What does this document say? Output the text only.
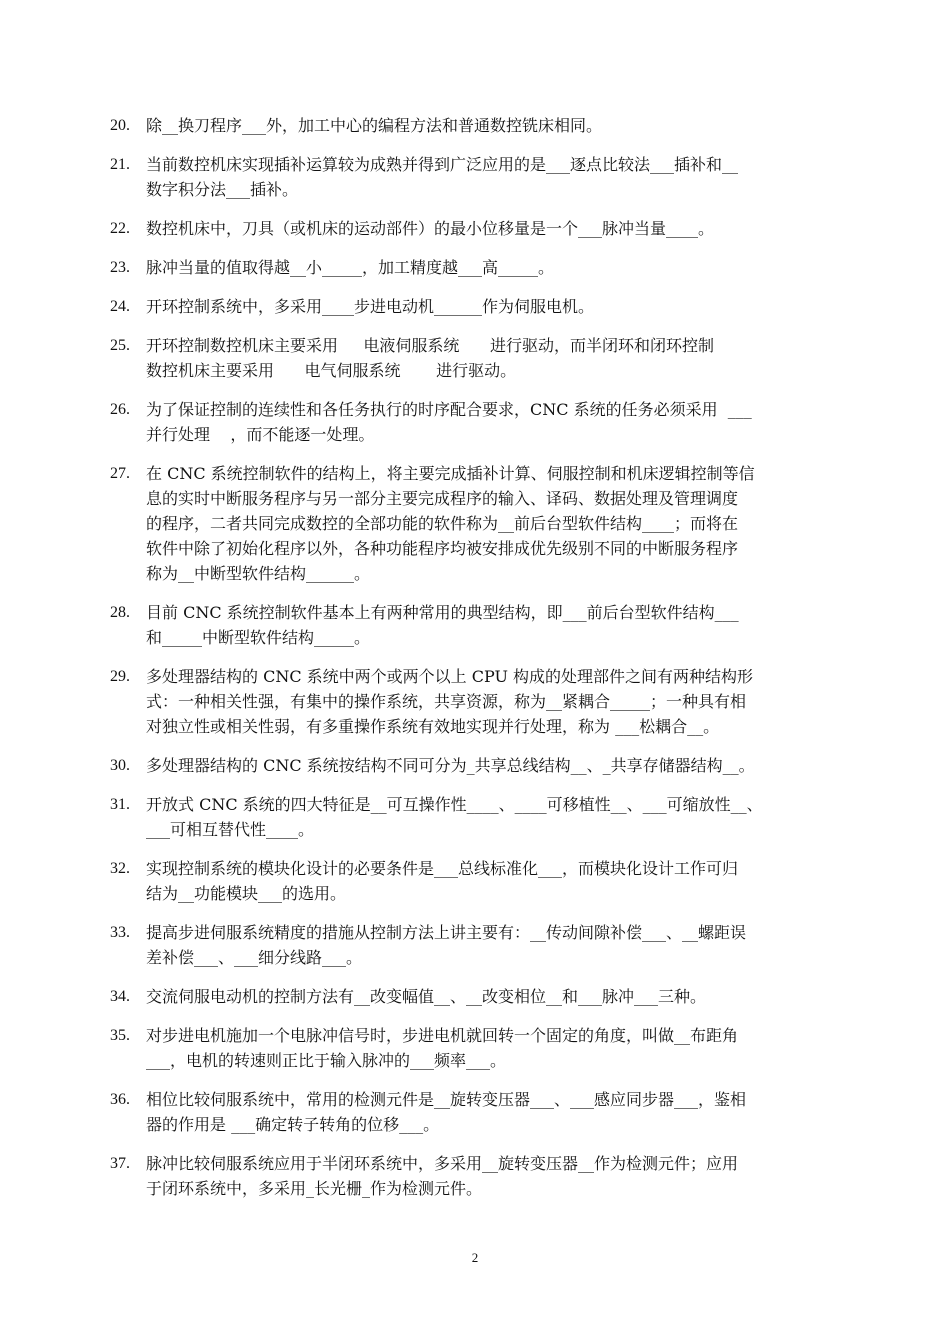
20.	除__换刀程序___外，加工中心的编程方法和普通数控铣床相同。
21.	当前数控机床实现插补运算较为成熟并得到广泛应用的是___逐点比较法___插补和__
数字积分法___插补。
22.	数控机床中，刀具（或机床的运动部件）的最小位移量是一个___脉冲当量____。
23.	脉冲当量的值取得越__小_____，加工精度越___高_____。
24.	开环控制系统中，多采用____步进电动机______作为伺服电机。
25.	开环控制数控机床主要采用     电液伺服系统      进行驱动，而半闭环和闭环控制
数控机床主要采用      电气伺服系统       进行驱动。
26.	为了保证控制的连续性和各任务执行的时序配合要求，CNC 系统的任务必须采用  ___
并行处理    ，而不能逐一处理。
27.	在 CNC 系统控制软件的结构上，将主要完成插补计算、伺服控制和机床逻辑控制等信
息的实时中断服务程序与另一部分主要完成程序的输入、译码、数据处理及管理调度
的程序，二者共同完成数控的全部功能的软件称为__前后台型软件结构____；而将在
软件中除了初始化程序以外，各种功能程序均被安排成优先级别不同的中断服务程序
称为__中断型软件结构______。
28.	目前 CNC 系统控制软件基本上有两种常用的典型结构，即___前后台型软件结构___
和_____中断型软件结构_____。
29.	多处理器结构的 CNC 系统中两个或两个以上 CPU 构成的处理部件之间有两种结构形
式：一种相关性强，有集中的操作系统，共享资源，称为__紧耦合_____；一种具有相
对独立性或相关性弱，有多重操作系统有效地实现并行处理，称为 ___松耦合__。
30.	多处理器结构的 CNC 系统按结构不同可分为_共享总线结构__、_共享存储器结构__。
31.	开放式 CNC 系统的四大特征是__可互操作性____、____可移植性__、___可缩放性__、
___可相互替代性____。
32.	实现控制系统的模块化设计的必要条件是___总线标准化___，而模块化设计工作可归
结为__功能模块___的选用。
33.	提高步进伺服系统精度的措施从控制方法上讲主要有：__传动间隙补偿___、__螺距误
差补偿___、___细分线路___。
34.	交流伺服电动机的控制方法有__改变幅值__、__改变相位__和___脉冲___三种。
35.	对步进电机施加一个电脉冲信号时，步进电机就回转一个固定的角度，叫做__布距角
___，电机的转速则正比于输入脉冲的___频率___。
36.	相位比较伺服系统中，常用的检测元件是__旋转变压器___、___感应同步器___，鉴相
器的作用是 ___确定转子转角的位移___。
37.	脉冲比较伺服系统应用于半闭环系统中，多采用__旋转变压器__作为检测元件；应用
于闭环系统中，多采用_长光栅_作为检测元件。
2
